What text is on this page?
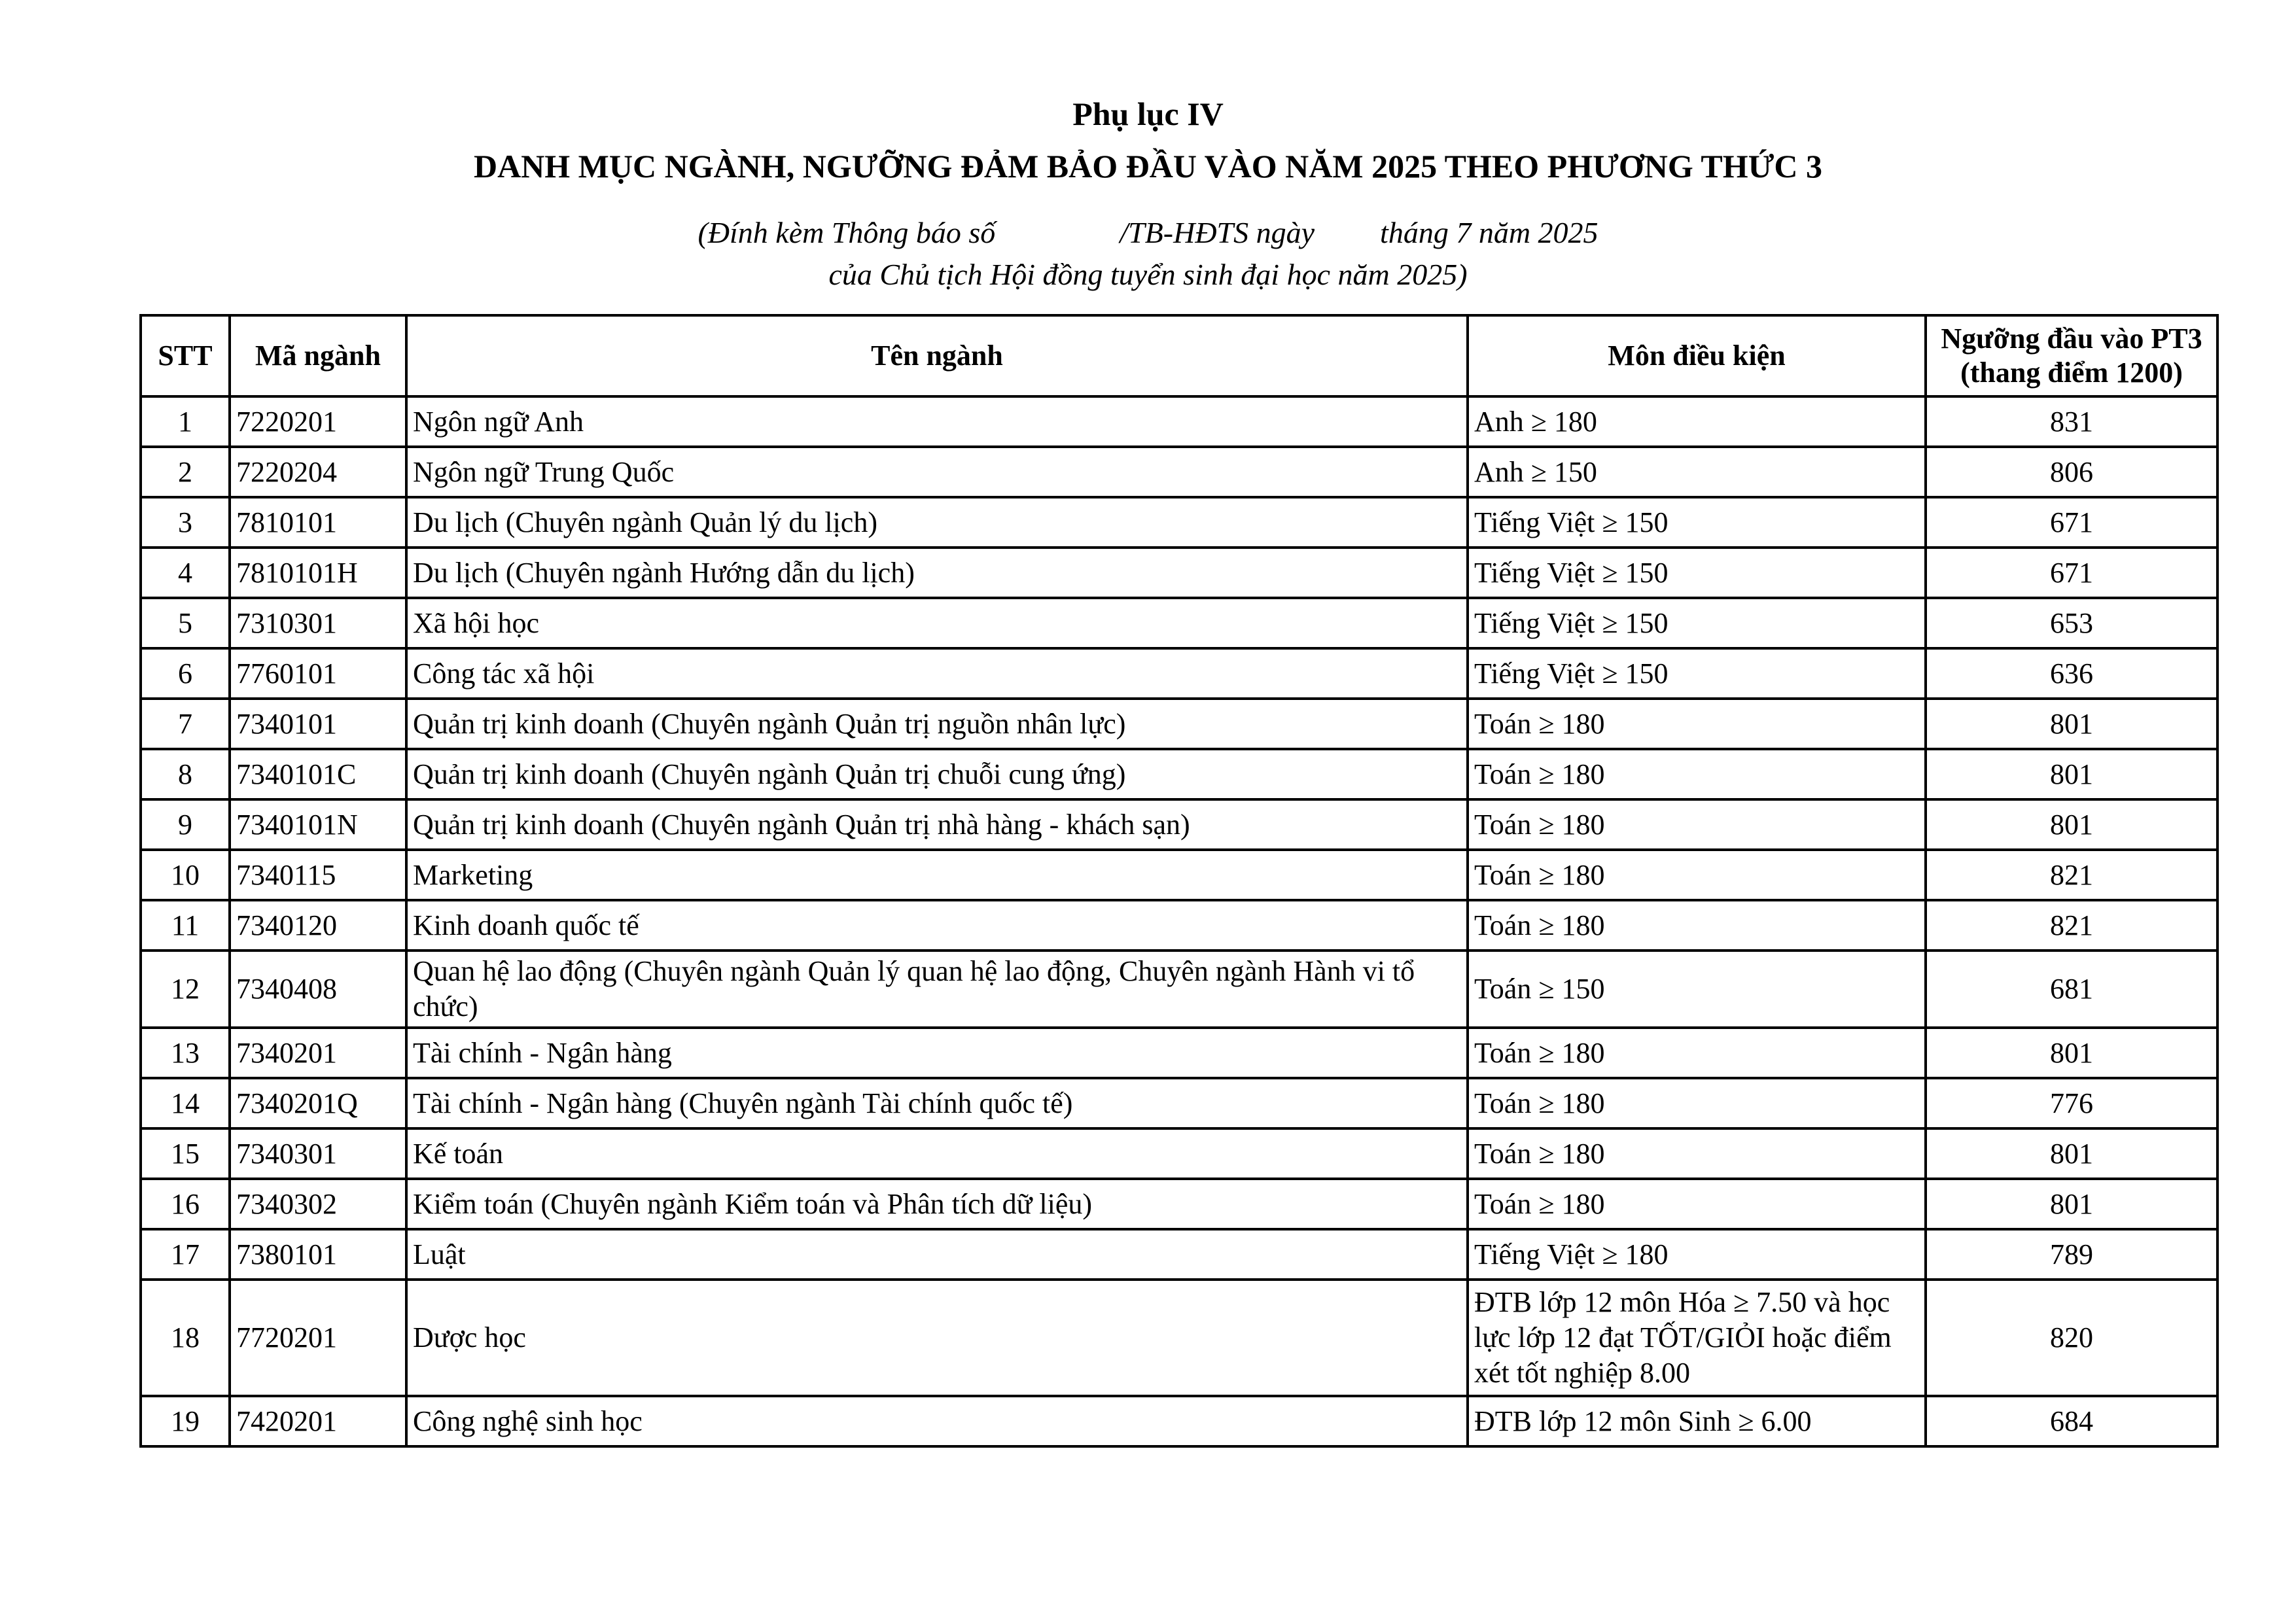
Phụ lục IV
DANH MỤC NGÀNH, NGƯỠNG ĐẢM BẢO ĐẦU VÀO NĂM 2025 THEO PHƯƠNG THỨC 3
(Đính kèm Thông báo số	/TB-HĐTS ngày tháng 7 năm 2025
của Chủ tịch Hội đồng tuyển sinh đại học năm 2025)
STT	Mã ngành	Tên ngành	Môn điều kiện	Ngưỡng đầu vào PT3
(thang điểm 1200)

1	7220201	Ngôn ngữ Anh	Anh ≥ 180	831
2	7220204	Ngôn ngữ Trung Quốc	Anh ≥ 150	806
3	7810101	Du lịch (Chuyên ngành Quản lý du lịch)	Tiếng Việt ≥ 150	671
4	7810101H	Du lịch (Chuyên ngành Hướng dẫn du lịch)	Tiếng Việt ≥ 150	671
5	7310301	Xã hội học	Tiếng Việt ≥ 150	653
6	7760101	Công tác xã hội	Tiếng Việt ≥ 150	636
7	7340101	Quản trị kinh doanh (Chuyên ngành Quản trị nguồn nhân lực)	Toán ≥ 180	801
8	7340101C	Quản trị kinh doanh (Chuyên ngành Quản trị chuỗi cung ứng)	Toán ≥ 180	801
9	7340101N	Quản trị kinh doanh (Chuyên ngành Quản trị nhà hàng - khách sạn)	Toán ≥ 180	801
10	7340115	Marketing	Toán ≥ 180	821
11	7340120	Kinh doanh quốc tế	Toán ≥ 180	821
12	7340408	Quan hệ lao động (Chuyên ngành Quản lý quan hệ lao động, Chuyên ngành Hành vi tổ chức)	Toán ≥ 150	681
13	7340201	Tài chính - Ngân hàng	Toán ≥ 180	801
14	7340201Q	Tài chính - Ngân hàng (Chuyên ngành Tài chính quốc tế)	Toán ≥ 180	776
15	7340301	Kế toán	Toán ≥ 180	801
16	7340302	Kiểm toán (Chuyên ngành Kiểm toán và Phân tích dữ liệu)	Toán ≥ 180	801
17	7380101	Luật	Tiếng Việt ≥ 180	789
18	7720201	Dược học	ĐTB lớp 12 môn Hóa ≥ 7.50 và học lực lớp 12 đạt TỐT/GIỎI hoặc điểm xét tốt nghiệp 8.00	820
19	7420201	Công nghệ sinh học	ĐTB lớp 12 môn Sinh ≥ 6.00	684
